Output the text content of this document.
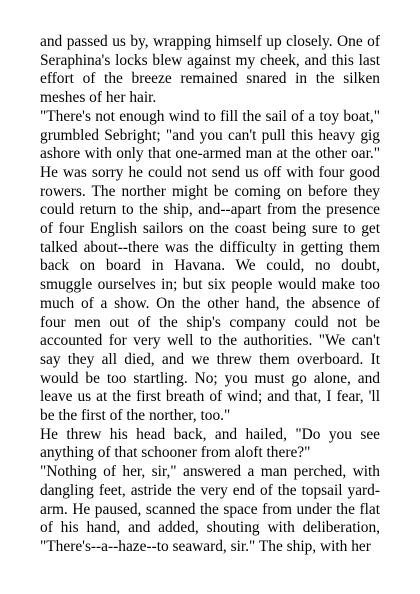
and passed us by, wrapping himself up closely. One of Seraphina's locks blew against my cheek, and this last effort of the breeze remained snared in the silken meshes of her hair.

"There's not enough wind to fill the sail of a toy boat," grumbled Sebright; "and you can't pull this heavy gig ashore with only that one-armed man at the other oar." He was sorry he could not send us off with four good rowers. The norther might be coming on before they could return to the ship, and--apart from the presence of four English sailors on the coast being sure to get talked about--there was the difficulty in getting them back on board in Havana. We could, no doubt, smuggle ourselves in; but six people would make too much of a show. On the other hand, the absence of four men out of the ship's company could not be accounted for very well to the authorities. "We can't say they all died, and we threw them overboard. It would be too startling. No; you must go alone, and leave us at the first breath of wind; and that, I fear, 'll be the first of the norther, too."

He threw his head back, and hailed, "Do you see anything of that schooner from aloft there?"

"Nothing of her, sir," answered a man perched, with dangling feet, astride the very end of the topsail yard-arm. He paused, scanned the space from under the flat of his hand, and added, shouting with deliberation, "There's--a--haze--to seaward, sir." The ship, with her
